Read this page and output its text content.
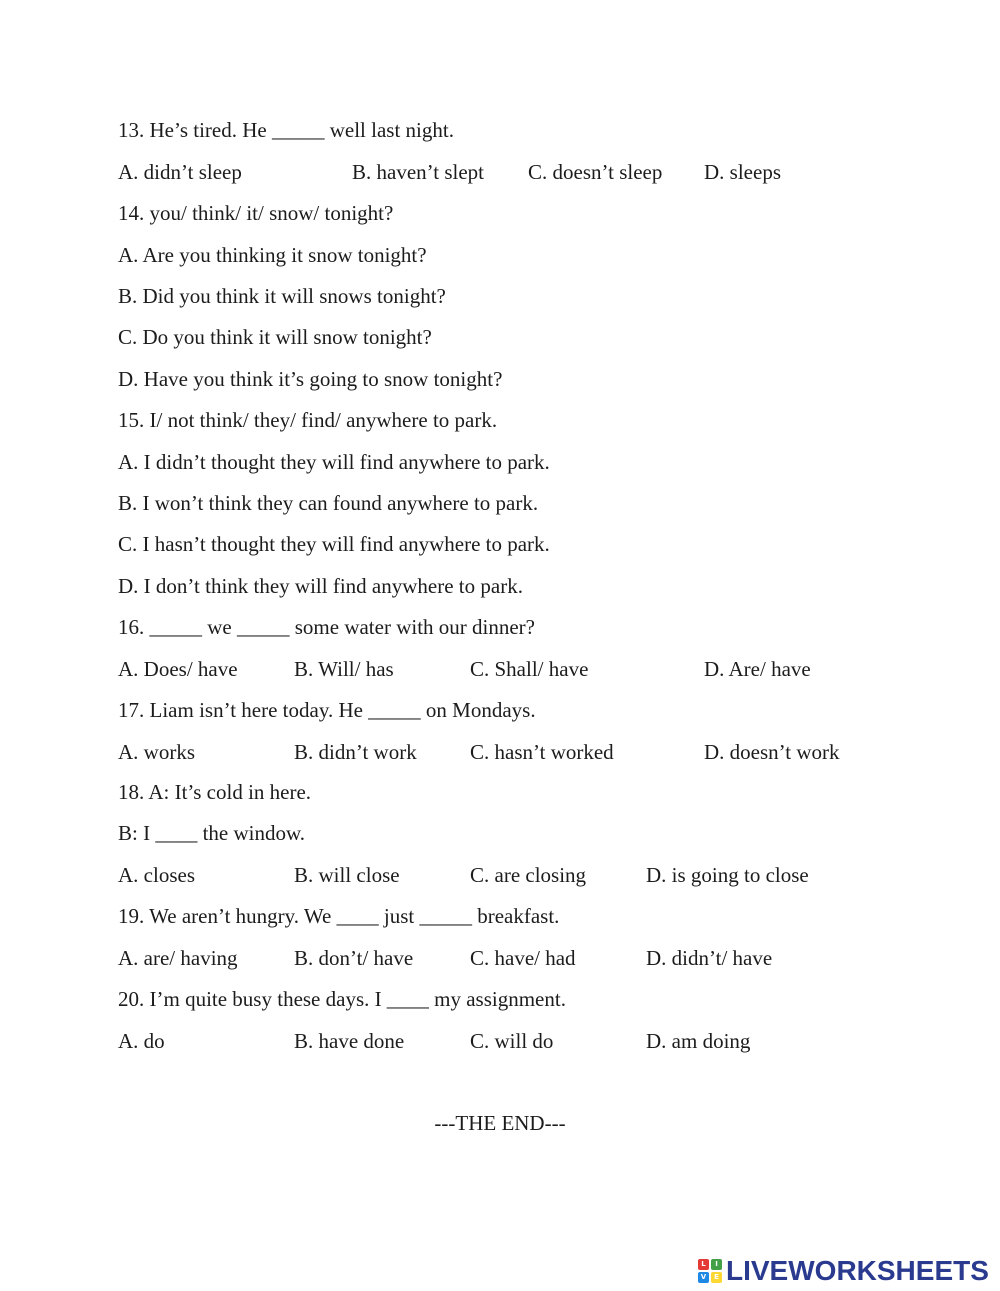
13. He’s tired. He _____ well last night.
A. didn’t sleep	B. haven’t slept C. doesn’t sleep D. sleeps
14. you/ think/ it/ snow/ tonight?
A. Are you thinking it snow tonight?
B. Did you think it will snows tonight?
C. Do you think it will snow tonight?
D. Have you think it’s going to snow tonight?
15. I/ not think/ they/ find/ anywhere to park.
A. I didn’t thought they will find anywhere to park.
B. I won’t think they can found anywhere to park.
C. I hasn’t thought they will find anywhere to park.
D. I don’t think they will find anywhere to park.
16. _____ we _____ some water with our dinner?
A. Does/ have	B. Will/ has	C. Shall/ have	D. Are/ have
17. Liam isn’t here today. He _____ on Mondays.
A. works	B. didn’t work	C. hasn’t worked	D. doesn’t work
18. A: It’s cold in here.
B: I ____ the window.
A. closes	B. will close	C. are closing	D. is going to close
19. We aren’t hungry. We ____ just _____ breakfast.
A. are/ having	B. don’t/ have	C. have/ had	D. didn’t/ have
20. I’m quite busy these days. I ____ my assignment.
A. do	B. have done	C. will do	D. am doing
---THE END---
L	I
V	E LIVEWORKSHEETS
